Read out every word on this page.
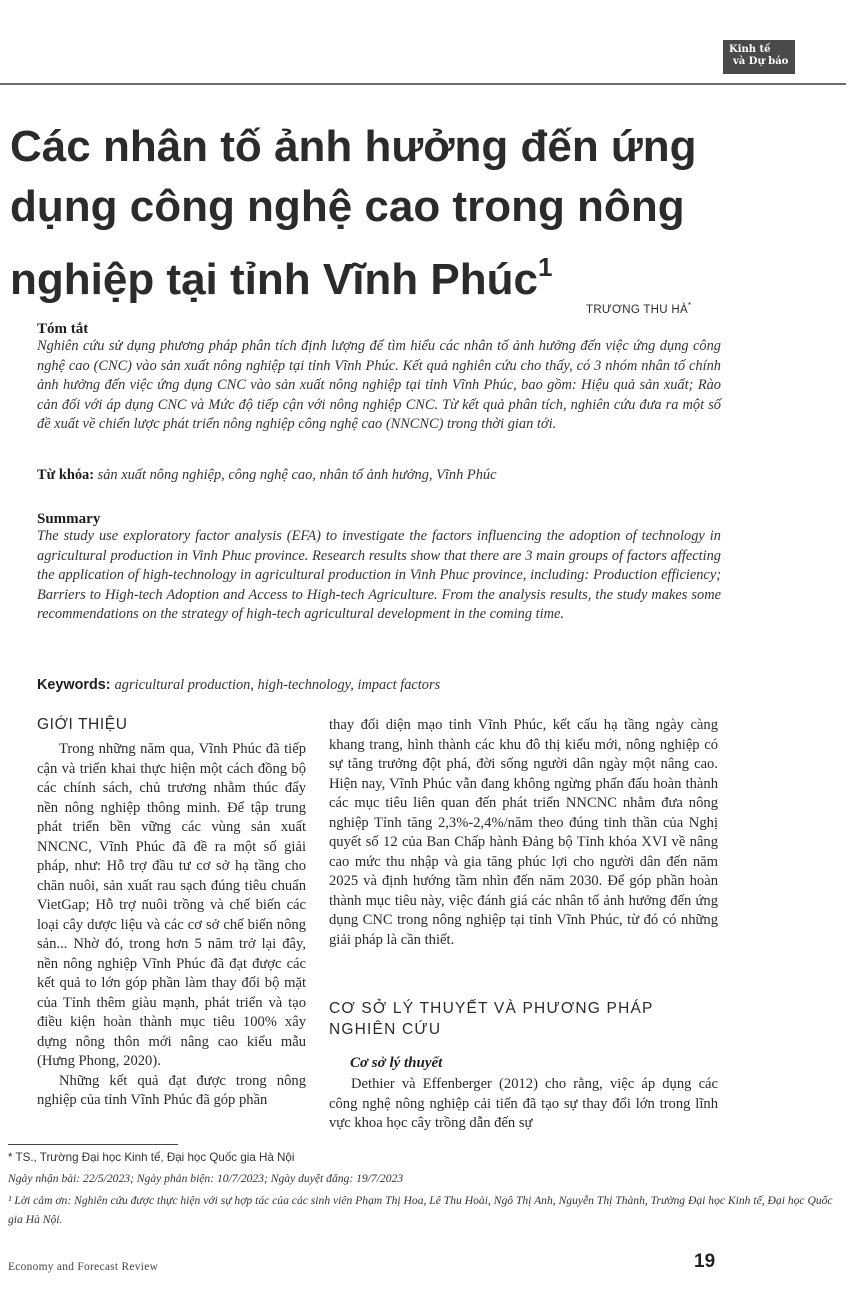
Kinh tế
và Dự báo
Các nhân tố ảnh hưởng đến ứng dụng công nghệ cao trong nông nghiệp tại tỉnh Vĩnh Phúc$^1$
TRƯƠNG THU HÀ*
Tóm tắt
Nghiên cứu sử dụng phương pháp phân tích định lượng để tìm hiểu các nhân tố ảnh hưởng đến việc ứng dụng công nghệ cao (CNC) vào sản xuất nông nghiệp tại tỉnh Vĩnh Phúc. Kết quả nghiên cứu cho thấy, có 3 nhóm nhân tố chính ảnh hưởng đến việc ứng dụng CNC vào sản xuất nông nghiệp tại tỉnh Vĩnh Phúc, bao gồm: Hiệu quả sản xuất; Rào cản đối với áp dụng CNC và Mức độ tiếp cận với nông nghiệp CNC. Từ kết quả phân tích, nghiên cứu đưa ra một số đề xuất về chiến lược phát triển nông nghiệp công nghệ cao (NNCNC) trong thời gian tới.
Từ khóa: sản xuất nông nghiệp, công nghệ cao, nhân tố ảnh hưởng, Vĩnh Phúc
Summary
The study use exploratory factor analysis (EFA) to investigate the factors influencing the adoption of technology in agricultural production in Vinh Phuc province. Research results show that there are 3 main groups of factors affecting the application of high-technology in agricultural production in Vinh Phuc province, including: Production efficiency; Barriers to High-tech Adoption and Access to High-tech Agriculture. From the analysis results, the study makes some recommendations on the strategy of high-tech agricultural development in the coming time.
Keywords: agricultural production, high-technology, impact factors
GIỚI THIỆU

Trong những năm qua, Vĩnh Phúc đã tiếp cận và triển khai thực hiện một cách đồng bộ các chính sách, chủ trương nhằm thúc đẩy nền nông nghiệp thông minh. Để tập trung phát triển bền vững các vùng sản xuất NNCNC, Vĩnh Phúc đã đề ra một số giải pháp, như: Hỗ trợ đầu tư cơ sở hạ tầng cho chăn nuôi, sản xuất rau sạch đúng tiêu chuẩn VietGap; Hỗ trợ nuôi trồng và chế biến các loại cây dược liệu và các cơ sở chế biến nông sản... Nhờ đó, trong hơn 5 năm trở lại đây, nền nông nghiệp Vĩnh Phúc đã đạt được các kết quả to lớn góp phần làm thay đổi bộ mặt của Tỉnh thêm giàu mạnh, phát triển và tạo điều kiện hoàn thành mục tiêu 100% xây dựng nông thôn mới nâng cao kiểu mẫu (Hưng Phong, 2020).

Những kết quả đạt được trong nông nghiệp của tỉnh Vĩnh Phúc đã góp phần

thay đổi diện mạo tỉnh Vĩnh Phúc, kết cấu hạ tầng ngày càng khang trang, hình thành các khu đô thị kiểu mới, nông nghiệp có sự tăng trưởng đột phá, đời sống người dân ngày một nâng cao. Hiện nay, Vĩnh Phúc vẫn đang không ngừng phấn đấu hoàn thành các mục tiêu liên quan đến phát triển NNCNC nhằm đưa nông nghiệp Tỉnh tăng 2,3%-2,4%/năm theo đúng tinh thần của Nghị quyết số 12 của Ban Chấp hành Đảng bộ Tỉnh khóa XVI về nâng cao mức thu nhập và gia tăng phúc lợi cho người dân đến năm 2025 và định hướng tầm nhìn đến năm 2030. Để góp phần hoàn thành mục tiêu này, việc đánh giá các nhân tố ảnh hưởng đến ứng dụng CNC trong nông nghiệp tại tỉnh Vĩnh Phúc, từ đó có những giải pháp là cần thiết.

CƠ SỞ LÝ THUYẾT VÀ PHƯƠNG PHÁP NGHIÊN CỨU
Cơ sở lý thuyết

Dethier và Effenberger (2012) cho rằng, việc áp dụng các công nghệ nông nghiệp cải tiến đã tạo sự thay đổi lớn trong lĩnh vực khoa học cây trồng dẫn đến sự

* TS., Trường Đại học Kinh tế, Đại học Quốc gia Hà Nội
Ngày nhận bài: 22/5/2023; Ngày phản biện: 10/7/2023; Ngày duyệt đăng: 19/7/2023
¹ Lời cảm ơn: Nghiên cứu được thực hiện với sự hợp tác của các sinh viên Phạm Thị Hoa, Lê Thu Hoài, Ngô Thị Anh, Nguyễn Thị Thành, Trường Đại học Kinh tế, Đại học Quốc gia Hà Nội.
Economy and Forecast Review	19
